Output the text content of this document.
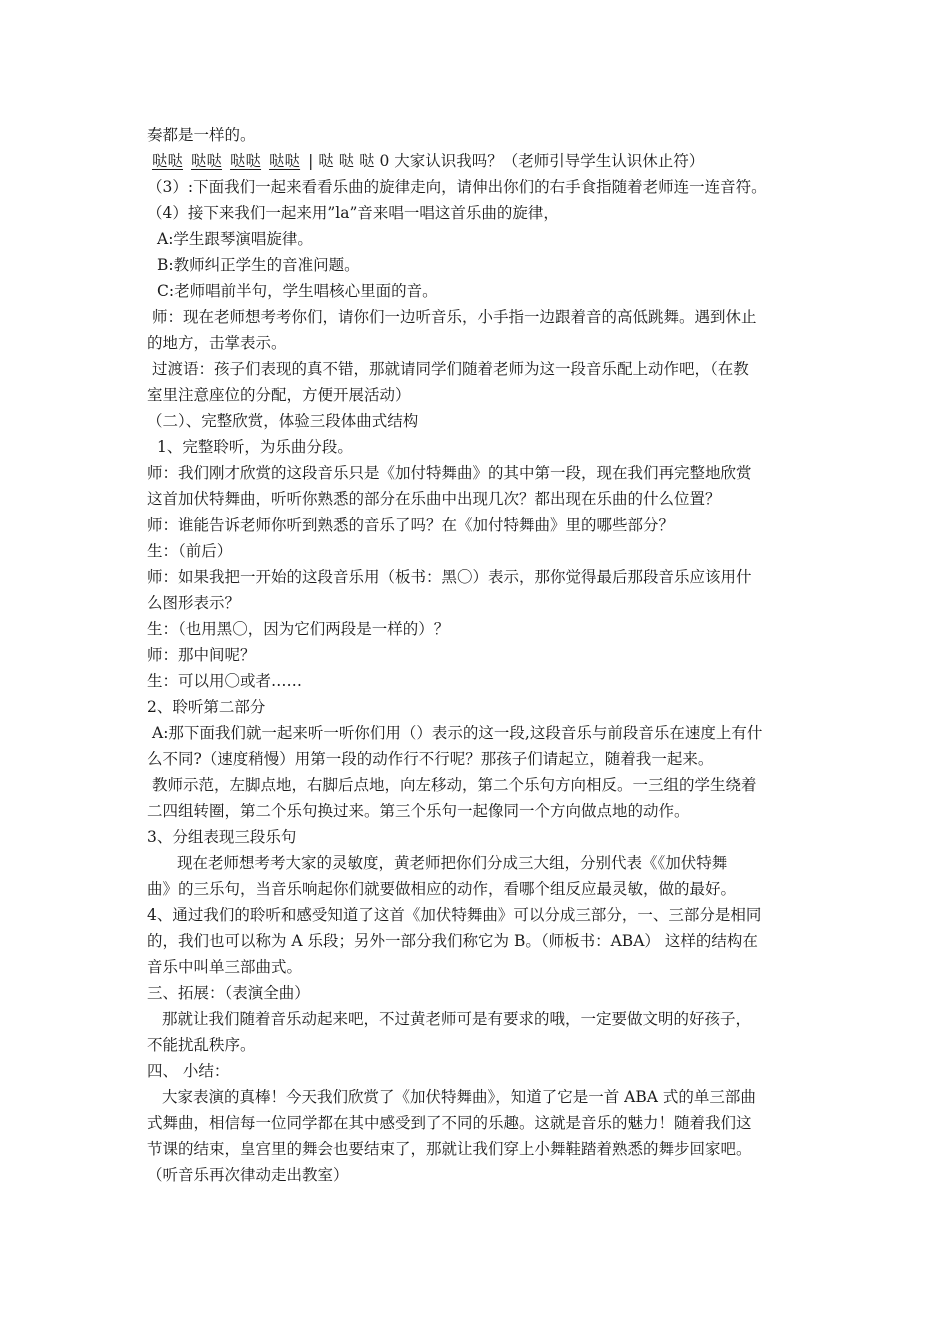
奏都是一样的。
哒哒 哒哒 哒哒 哒哒 | 哒 哒 哒 0 大家认识我吗？（老师引导学生认识休止符）
（3）:下面我们一起来看看乐曲的旋律走向，请伸出你们的右手食指随着老师连一连音符。
（4）接下来我们一起来用”la”音来唱一唱这首乐曲的旋律，
A:学生跟琴演唱旋律。
B:教师纠正学生的音准问题。
C:老师唱前半句，学生唱核心里面的音。
师：现在老师想考考你们，请你们一边听音乐，小手指一边跟着音的高低跳舞。遇到休止
的地方，击掌表示。
过渡语：孩子们表现的真不错，那就请同学们随着老师为这一段音乐配上动作吧，（在教
室里注意座位的分配，方便开展活动）
（二）、完整欣赏，体验三段体曲式结构
1、完整聆听，为乐曲分段。
师：我们刚才欣赏的这段音乐只是《加付特舞曲》的其中第一段，现在我们再完整地欣赏
这首加伏特舞曲，听听你熟悉的部分在乐曲中出现几次？都出现在乐曲的什么位置？
师：谁能告诉老师你听到熟悉的音乐了吗？在《加付特舞曲》里的哪些部分？
生：（前后）
师：如果我把一开始的这段音乐用（板书：黑〇）表示，那你觉得最后那段音乐应该用什
么图形表示？
生：（也用黑〇，因为它们两段是一样的）？
师：那中间呢？
生：可以用〇或者……
2、聆听第二部分
A:那下面我们就一起来听一听你们用（）表示的这一段,这段音乐与前段音乐在速度上有什
么不同?（速度稍慢）用第一段的动作行不行呢？那孩子们请起立，随着我一起来。
教师示范，左脚点地，右脚后点地，向左移动，第二个乐句方向相反。一三组的学生绕着
二四组转圈，第二个乐句换过来。第三个乐句一起像同一个方向做点地的动作。
3、分组表现三段乐句
现在老师想考考大家的灵敏度，黄老师把你们分成三大组，分别代表《《加伏特舞
曲》的三乐句，当音乐响起你们就要做相应的动作，看哪个组反应最灵敏，做的最好。
4、通过我们的聆听和感受知道了这首《加伏特舞曲》可以分成三部分，一、三部分是相同
的，我们也可以称为 A 乐段；另外一部分我们称它为 B。（师板书：ABA） 这样的结构在
音乐中叫单三部曲式。
三、拓展：（表演全曲）
那就让我们随着音乐动起来吧，不过黄老师可是有要求的哦，一定要做文明的好孩子，
不能扰乱秩序。
四、 小结：
大家表演的真棒！今天我们欣赏了《加伏特舞曲》，知道了它是一首 ABA 式的单三部曲
式舞曲，相信每一位同学都在其中感受到了不同的乐趣。这就是音乐的魅力！随着我们这
节课的结束，皇宫里的舞会也要结束了，那就让我们穿上小舞鞋踏着熟悉的舞步回家吧。
（听音乐再次律动走出教室）
